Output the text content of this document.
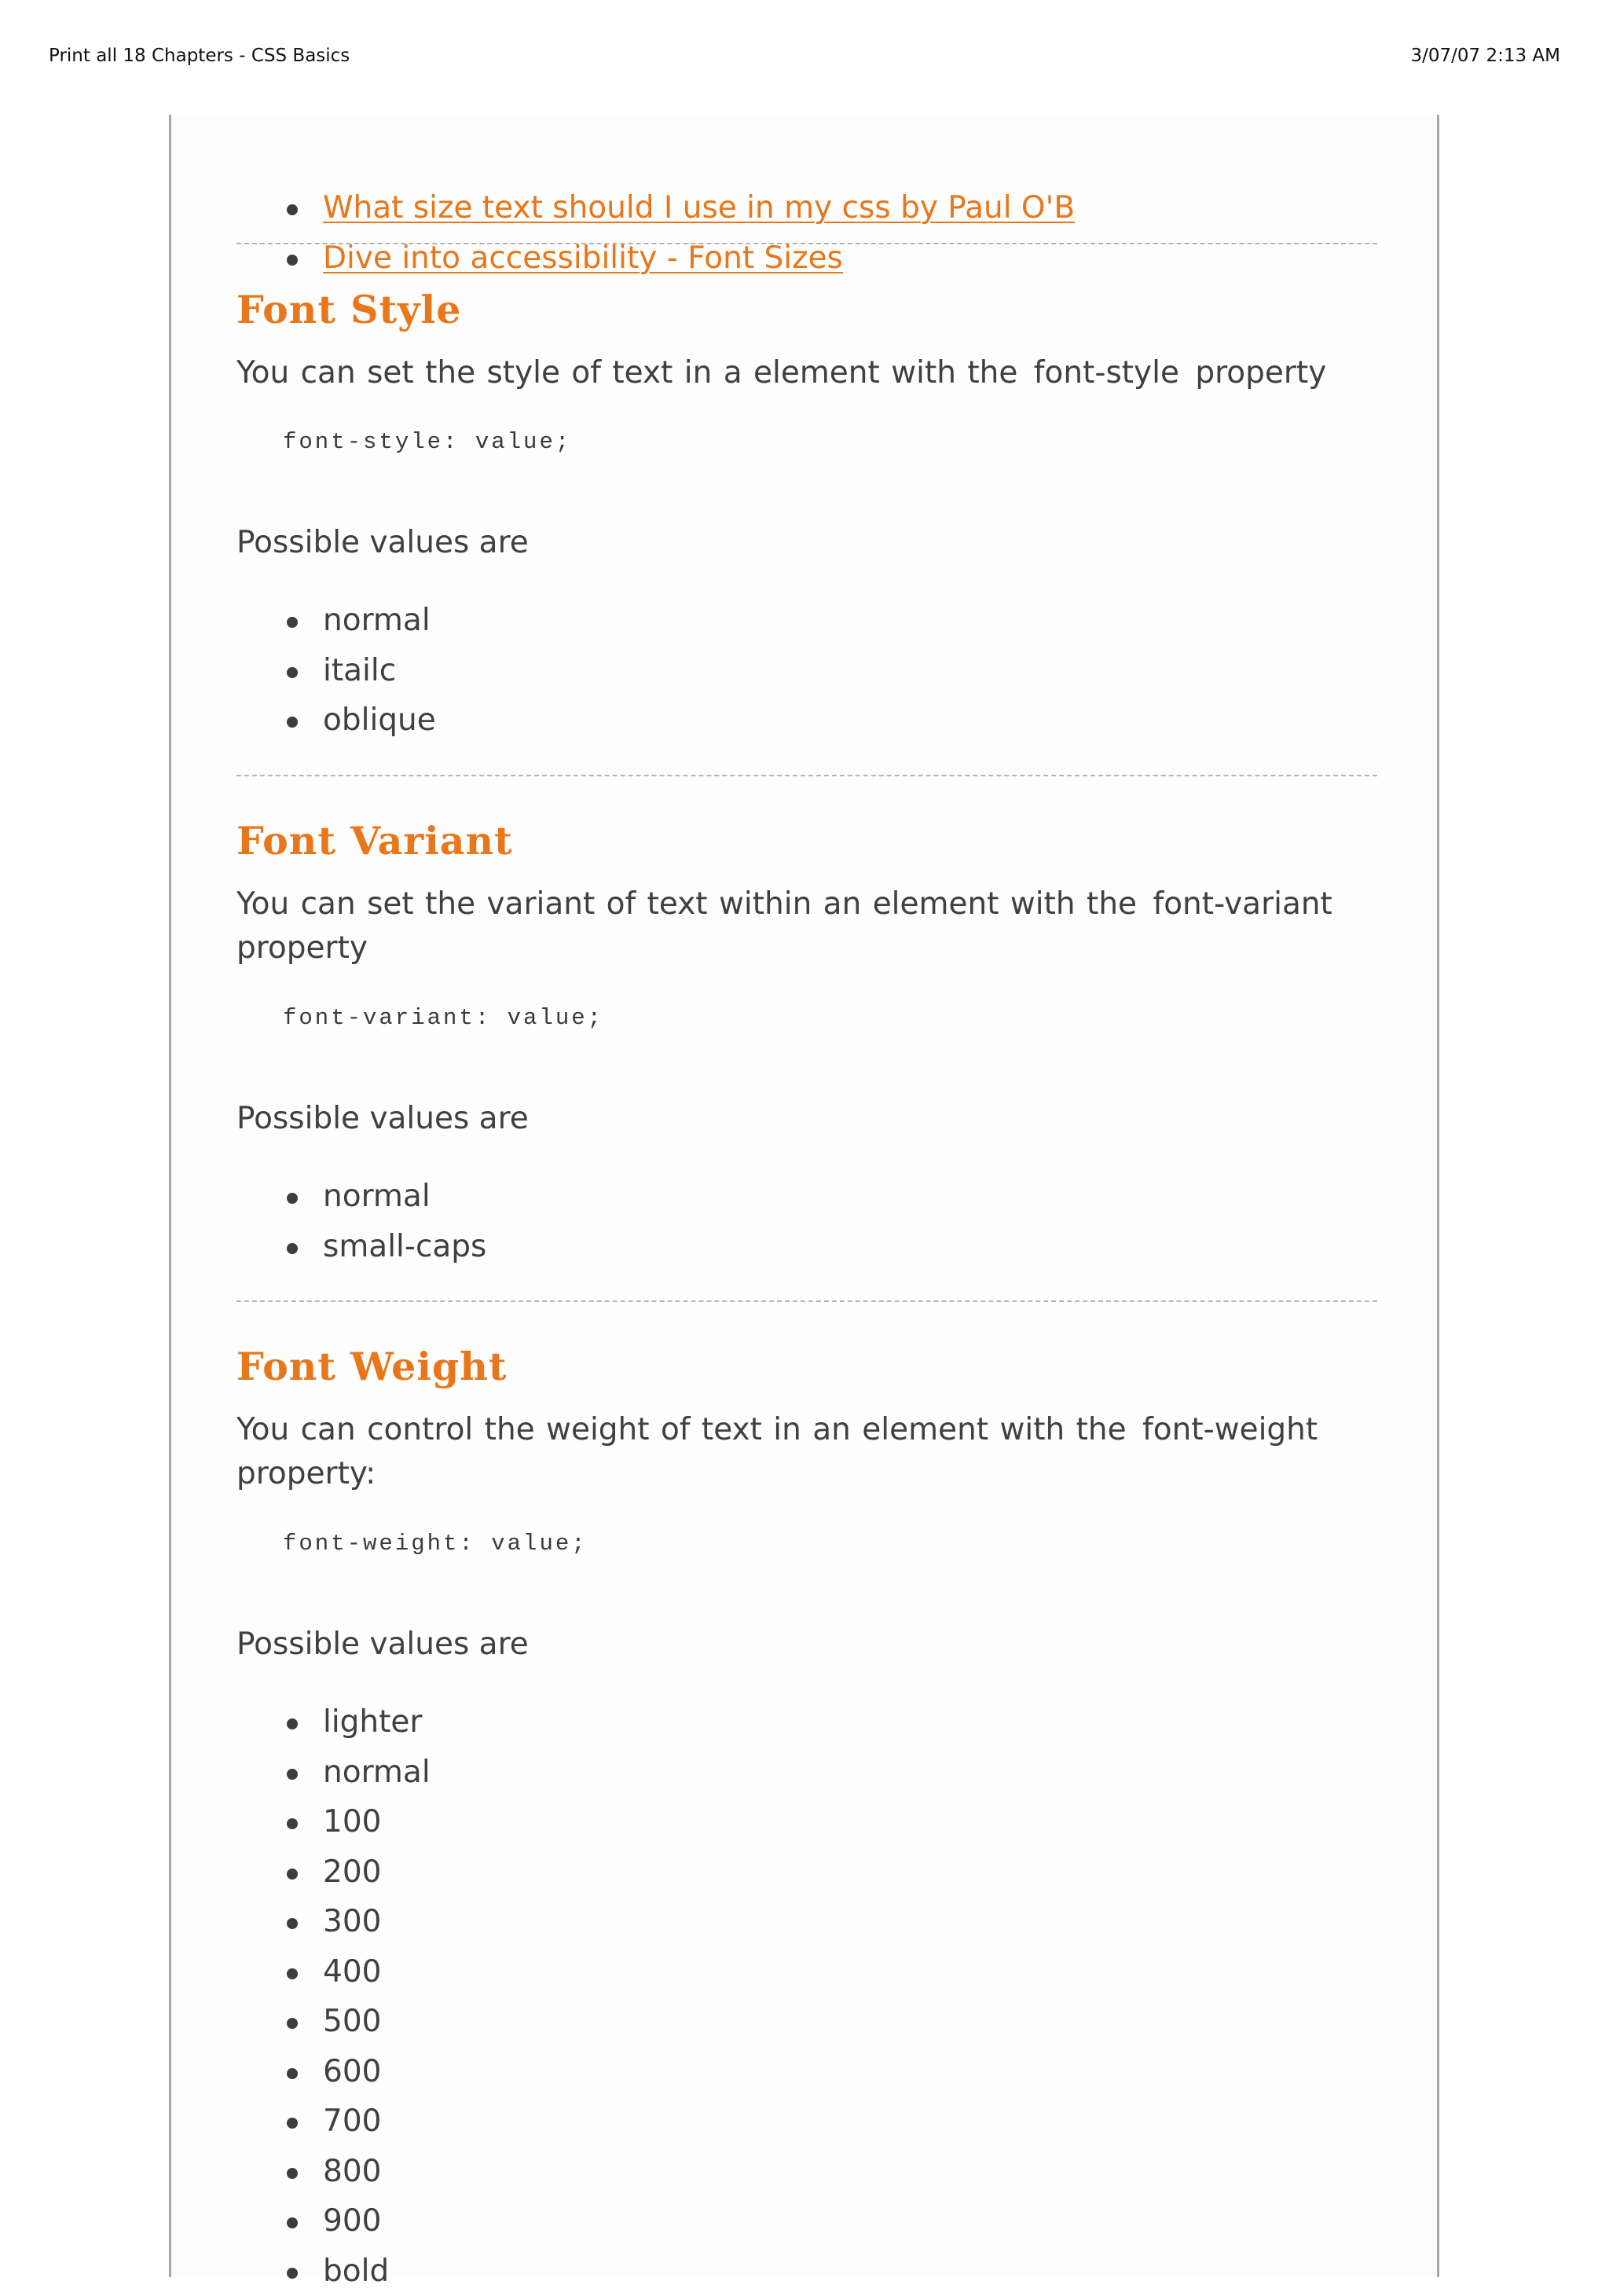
Print all 18 Chapters - CSS Basics	3/07/07 2:13 AM
What size text should I use in my css by Paul O'B
Dive into accessibility - Font Sizes
Font Style

You can set the style of text in a element with the font-style property

font-style: value;

Possible values are

normal
itailc
oblique
Font Variant

You can set the variant of text within an element with the font-variant property

font-variant: value;

Possible values are

normal
small-caps
Font Weight

You can control the weight of text in an element with the font-weight property:

font-weight: value;

Possible values are

lighter
normal
100
200
300
400
500
600
700
800
900
bold
